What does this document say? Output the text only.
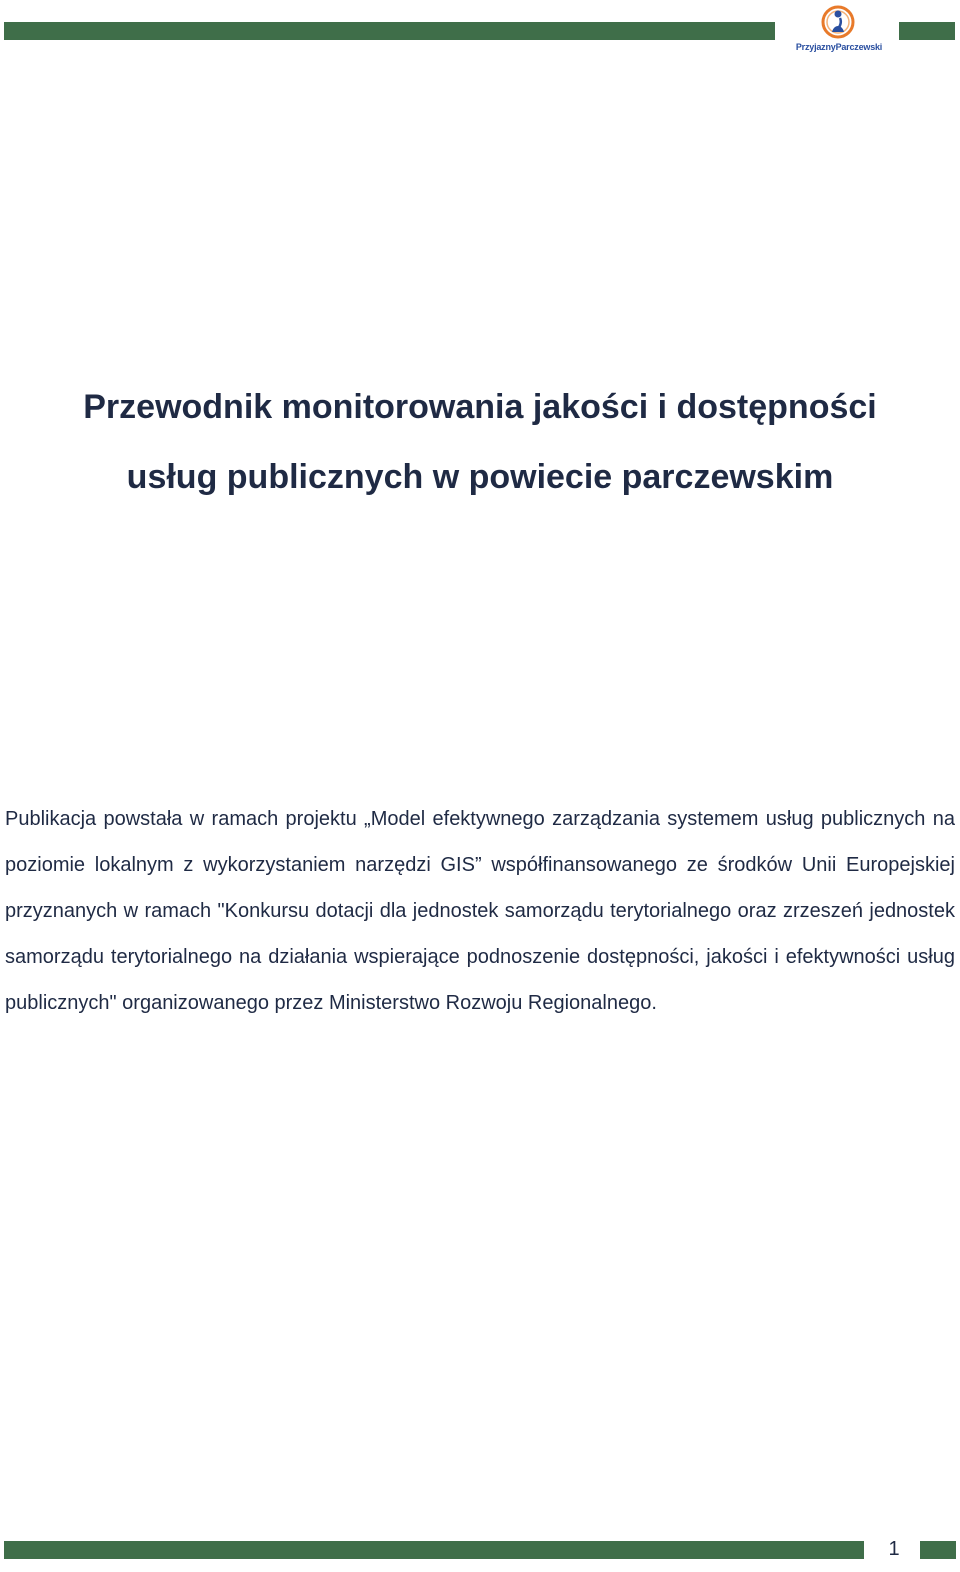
PrzyjaznyParczewski
Przewodnik monitorowania jakości i dostępności
usług publicznych w powiecie parczewskim
Publikacja powstała w ramach projektu „Model efektywnego zarządzania systemem usług publicznych na poziomie lokalnym z wykorzystaniem narzędzi GIS” współfinansowanego ze środków Unii Europejskiej przyznanych w ramach "Konkursu dotacji dla jednostek samorządu terytorialnego oraz zrzeszeń jednostek samorządu terytorialnego na działania wspierające podnoszenie dostępności, jakości i efektywności usług publicznych" organizowanego przez Ministerstwo Rozwoju Regionalnego.
1
